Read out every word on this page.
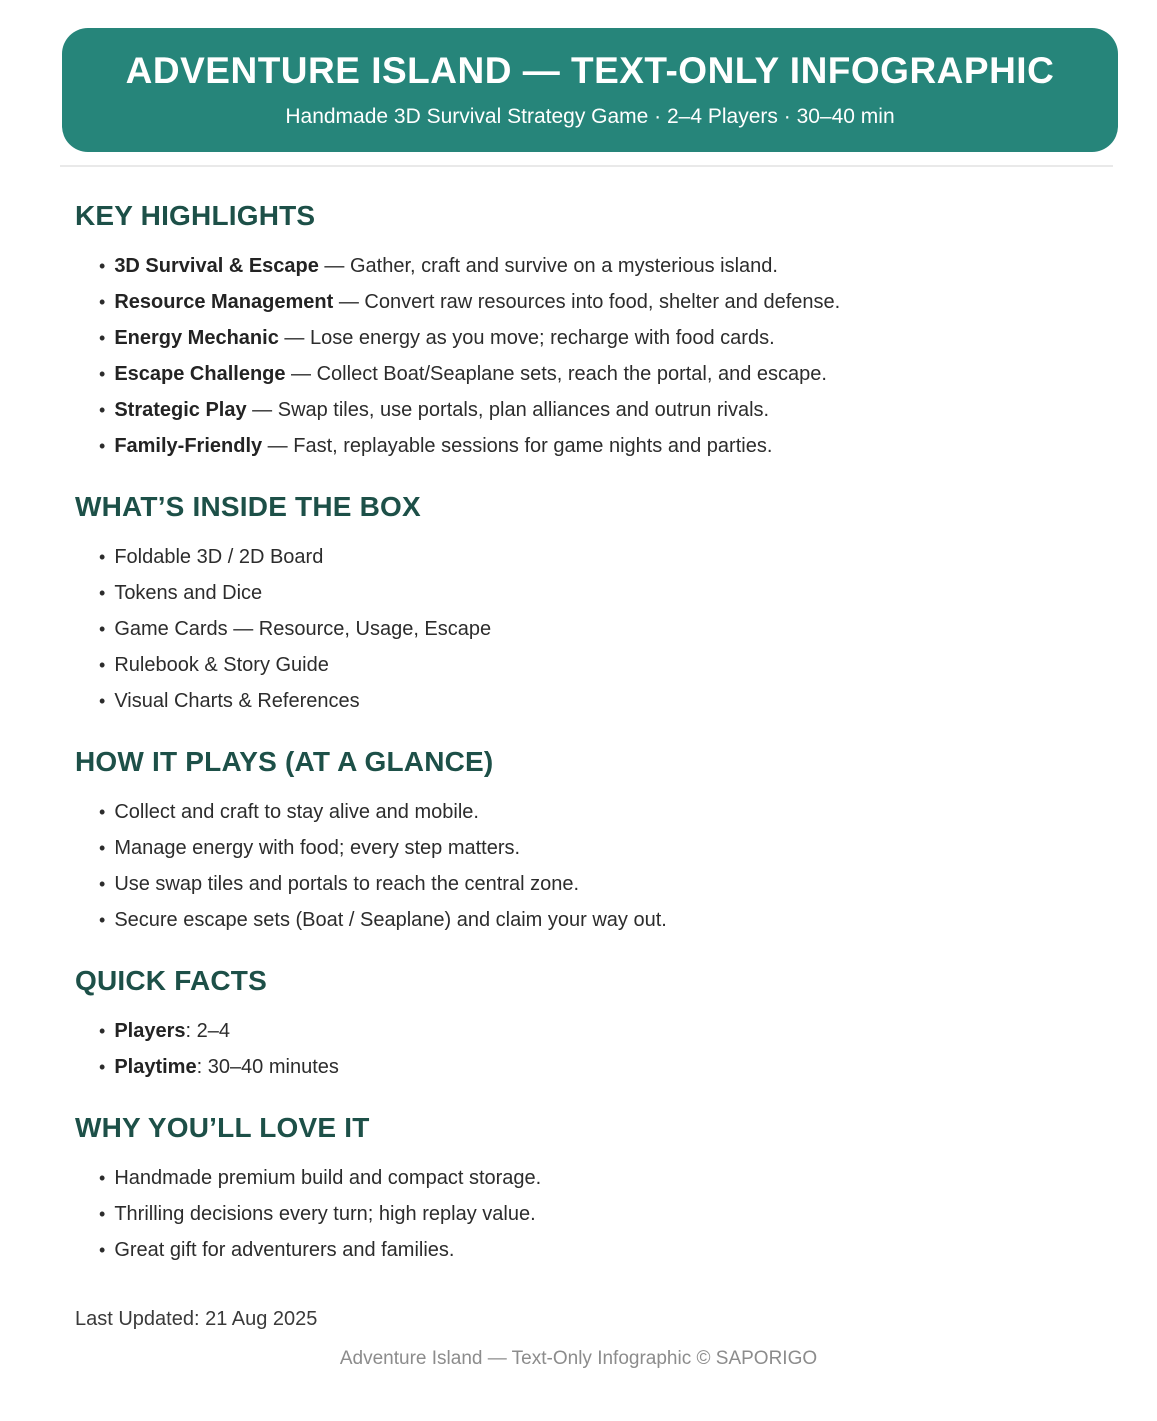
ADVENTURE ISLAND — TEXT-ONLY INFOGRAPHIC
Handmade 3D Survival Strategy Game · 2–4 Players · 30–40 min
KEY HIGHLIGHTS
• 3D Survival & Escape — Gather, craft and survive on a mysterious island.
• Resource Management — Convert raw resources into food, shelter and defense.
• Energy Mechanic — Lose energy as you move; recharge with food cards.
• Escape Challenge — Collect Boat/Seaplane sets, reach the portal, and escape.
• Strategic Play — Swap tiles, use portals, plan alliances and outrun rivals.
• Family-Friendly — Fast, replayable sessions for game nights and parties.
WHAT’S INSIDE THE BOX
• Foldable 3D / 2D Board
• Tokens and Dice
• Game Cards — Resource, Usage, Escape
• Rulebook & Story Guide
• Visual Charts & References
HOW IT PLAYS (AT A GLANCE)
• Collect and craft to stay alive and mobile.
• Manage energy with food; every step matters.
• Use swap tiles and portals to reach the central zone.
• Secure escape sets (Boat / Seaplane) and claim your way out.
QUICK FACTS
• Players: 2–4
• Playtime: 30–40 minutes
WHY YOU’LL LOVE IT
• Handmade premium build and compact storage.
• Thrilling decisions every turn; high replay value.
• Great gift for adventurers and families.

Last Updated: 21 Aug 2025

Adventure Island — Text-Only Infographic © SAPORIGO
